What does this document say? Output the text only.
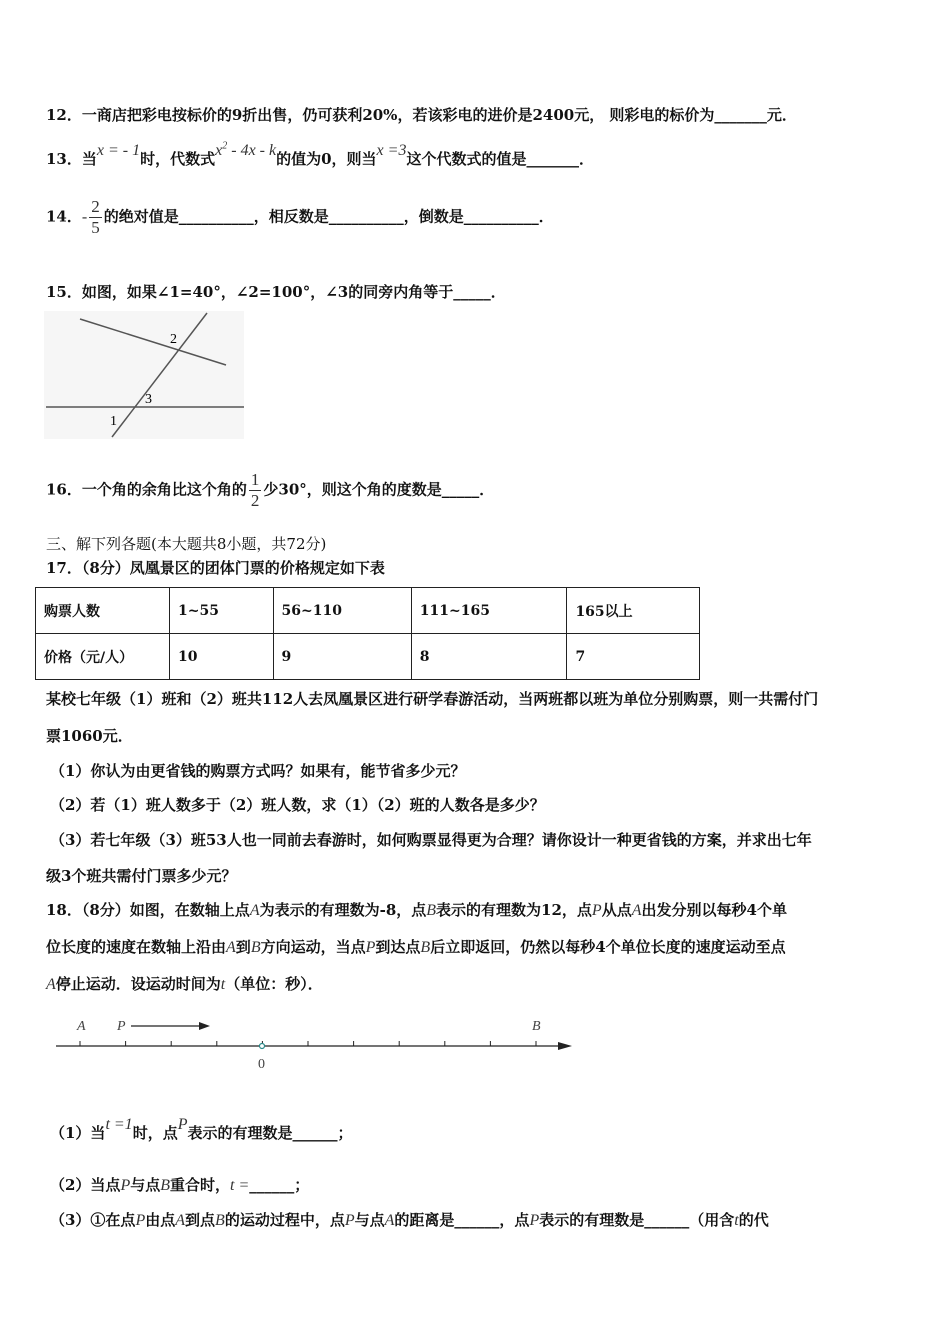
12．一商店把彩电按标价的9折出售，仍可获利20%，若该彩电的进价是2400元， 则彩电的标价为_______元．
13．当x = - 1时，代数式$x^2 - 4x$ - k的值为0，则当x =3这个代数式的值是_______．
14．- $\frac{2}{5}$ 的绝对值是__________，相反数是__________，倒数是__________．
15．如图，如果∠1=40°，∠2=100°，∠3的同旁内角等于_____．
2
3
1
16．一个角的余角比这个角的 $\frac{1}{2}$ 少30°，则这个角的度数是_____．
三、解下列各题(本大题共8小题，共72分)
17．（8分）凤凰景区的团体门票的价格规定如下表
购票人数	1~55	56~110	111~165	165以上
价格（元/人）	10	9	8	7
某校七年级（1）班和（2）班共112人去凤凰景区进行研学春游活动，当两班都以班为单位分别购票，则一共需付门
票1060元．
（1）你认为由更省钱的购票方式吗？如果有，能节省多少元？
（2）若（1）班人数多于（2）班人数，求（1）（2）班的人数各是多少？
（3）若七年级（3）班53人也一同前去春游时，如何购票显得更为合理？请你设计一种更省钱的方案，并求出七年
级3个班共需付门票多少元？
18．（8分）如图，在数轴上点A为表示的有理数为-8，点B表示的有理数为12，点P从点A出发分别以每秒4个单
位长度的速度在数轴上沿由A到B方向运动，当点P到达点B后立即返回，仍然以每秒4个单位长度的速度运动至点
A停止运动．设运动时间为t（单位：秒）．
A P	B
0
（1）当t =1时，点P表示的有理数是______；
（2）当点P与点B重合时，t =______；
（3）①在点P由点A到点B的运动过程中，点P与点A的距离是______，点P表示的有理数是______（用含t的代
